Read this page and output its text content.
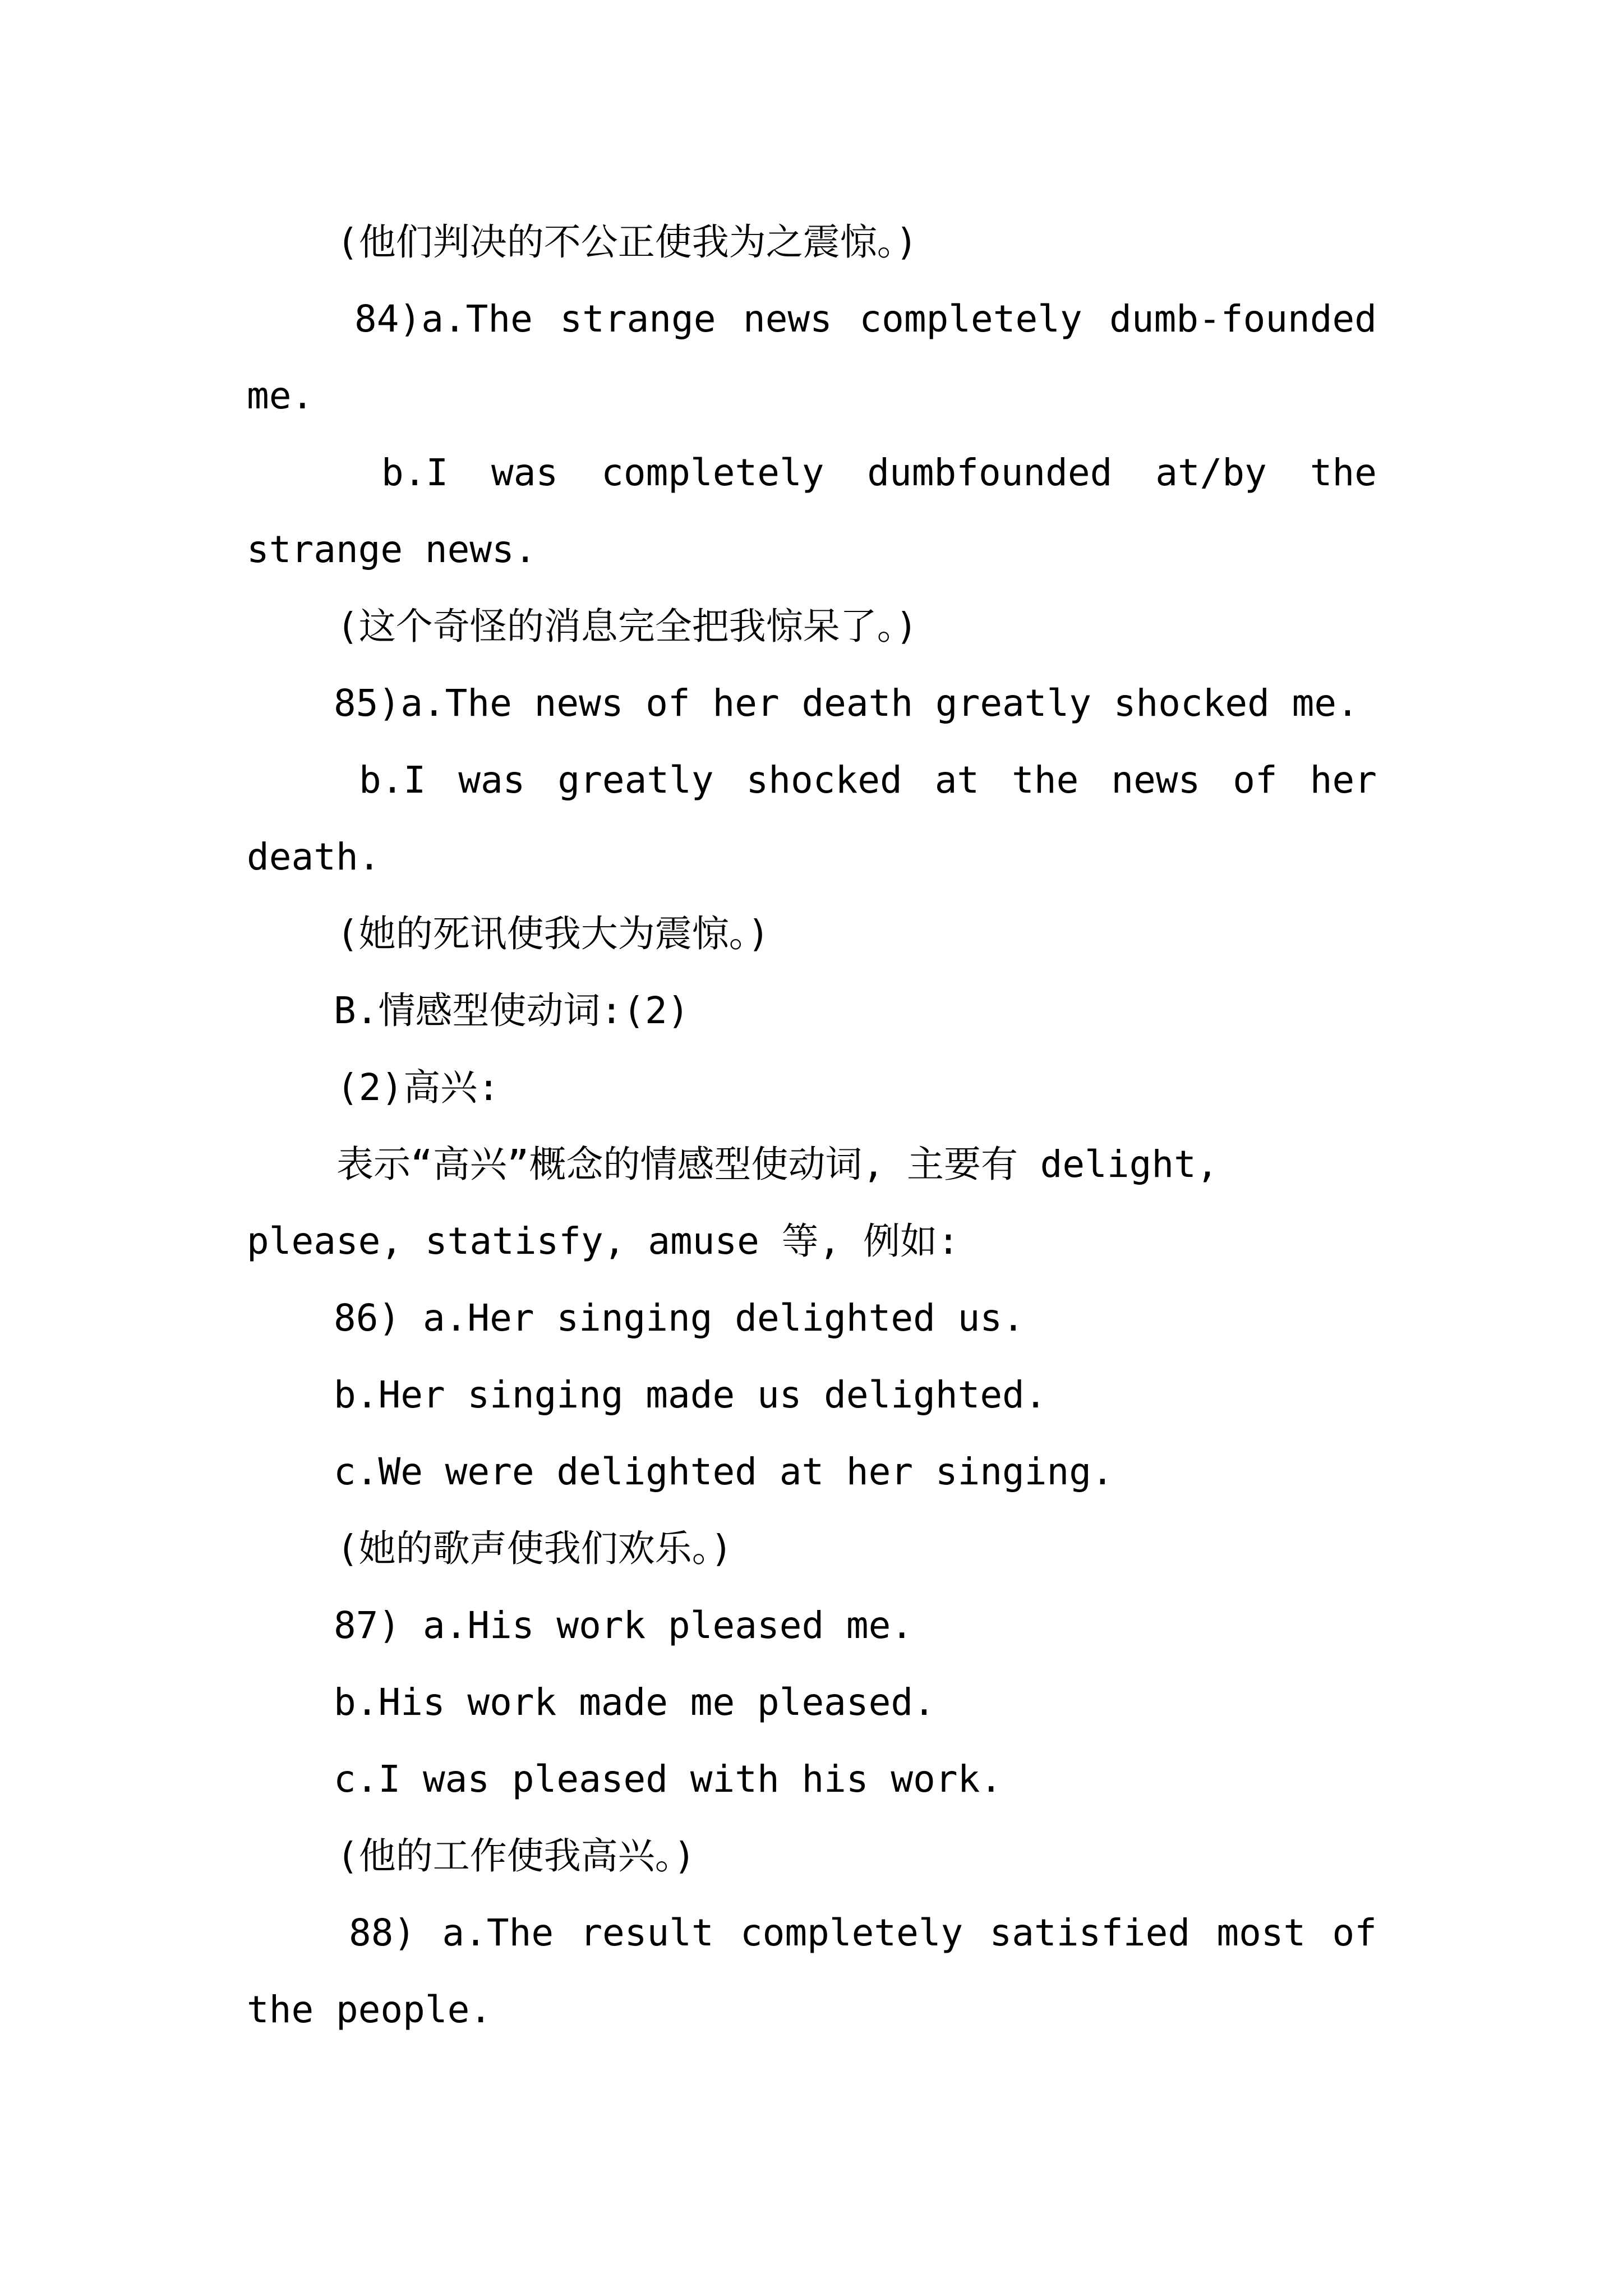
(他们判决的不公正使我为之震惊。)
84)a.The strange news completely dumb-founded
me.
b.I was completely dumbfounded at/by the
strange news.
(这个奇怪的消息完全把我惊呆了。)
85)a.The news of her death greatly shocked me.
b.I was greatly shocked at the news of her
death.
(她的死讯使我大为震惊。)
B.情感型使动词:(2)
(2)高兴:
表示“高兴”概念的情感型使动词, 主要有 delight,
please, statisfy, amuse 等, 例如:
86) a.Her singing delighted us.
b.Her singing made us delighted.
c.We were delighted at her singing.
(她的歌声使我们欢乐。)
87) a.His work pleased me.
b.His work made me pleased.
c.I was pleased with his work.
(他的工作使我高兴。)
88) a.The result completely satisfied most of
the people.
